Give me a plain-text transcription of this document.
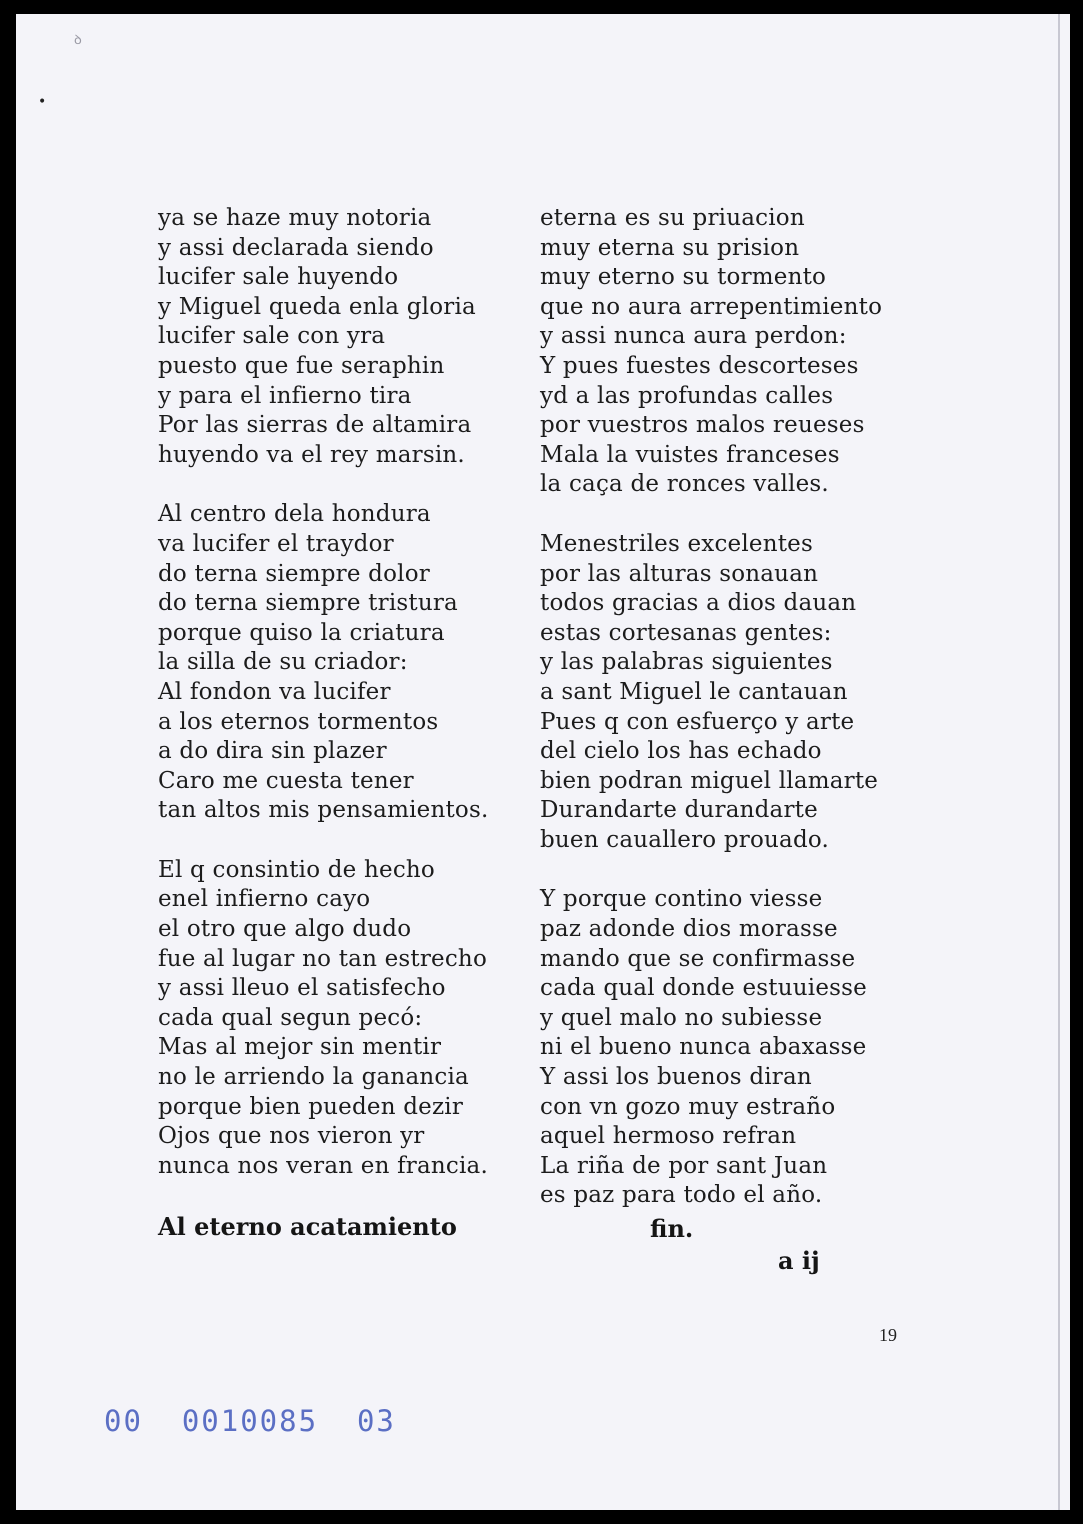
ꝺ
•
ya se haze muy notoria
y assi declarada siendo
lucifer sale huyendo
y Miguel queda enla gloria
lucifer sale con yra
puesto que fue seraphin
y para el infierno tira
Por las sierras de altamira
huyendo va el rey marsin.
Al centro dela hondura
va lucifer el traydor
do terna siempre dolor
do terna siempre tristura
porque quiso la criatura
la silla de su criador:
Al fondon va lucifer
a los eternos tormentos
a do dira sin plazer
Caro me cuesta tener
tan altos mis pensamientos.
El q consintio de hecho
enel infierno cayo
el otro que algo dudo
fue al lugar no tan estrecho
y assi lleuo el satisfecho
cada qual segun pecó:
Mas al mejor sin mentir
no le arriendo la ganancia
porque bien pueden dezir
Ojos que nos vieron yr
nunca nos veran en francia.
eterna es su priuacion
muy eterna su prision
muy eterno su tormento
que no aura arrepentimiento
y assi nunca aura perdon:
Y pues fuestes descorteses
yd a las profundas calles
por vuestros malos reueses
Mala la vuistes franceses
la caça de ronces valles.
Menestriles excelentes
por las alturas sonauan
todos gracias a dios dauan
estas cortesanas gentes:
y las palabras siguientes
a sant Miguel le cantauan
Pues q con esfuerço y arte
del cielo los has echado
bien podran miguel llamarte
Durandarte durandarte
buen cauallero prouado.
Y porque contino viesse
paz adonde dios morasse
mando que se confirmasse
cada qual donde estuuiesse
y quel malo no subiesse
ni el bueno nunca abaxasse
Y assi los buenos diran
con vn gozo muy estraño
aquel hermoso refran
La riña de por sant Juan
es paz para todo el año.
Al eterno acatamiento	fin.
a ij
19
00  0010085  03
